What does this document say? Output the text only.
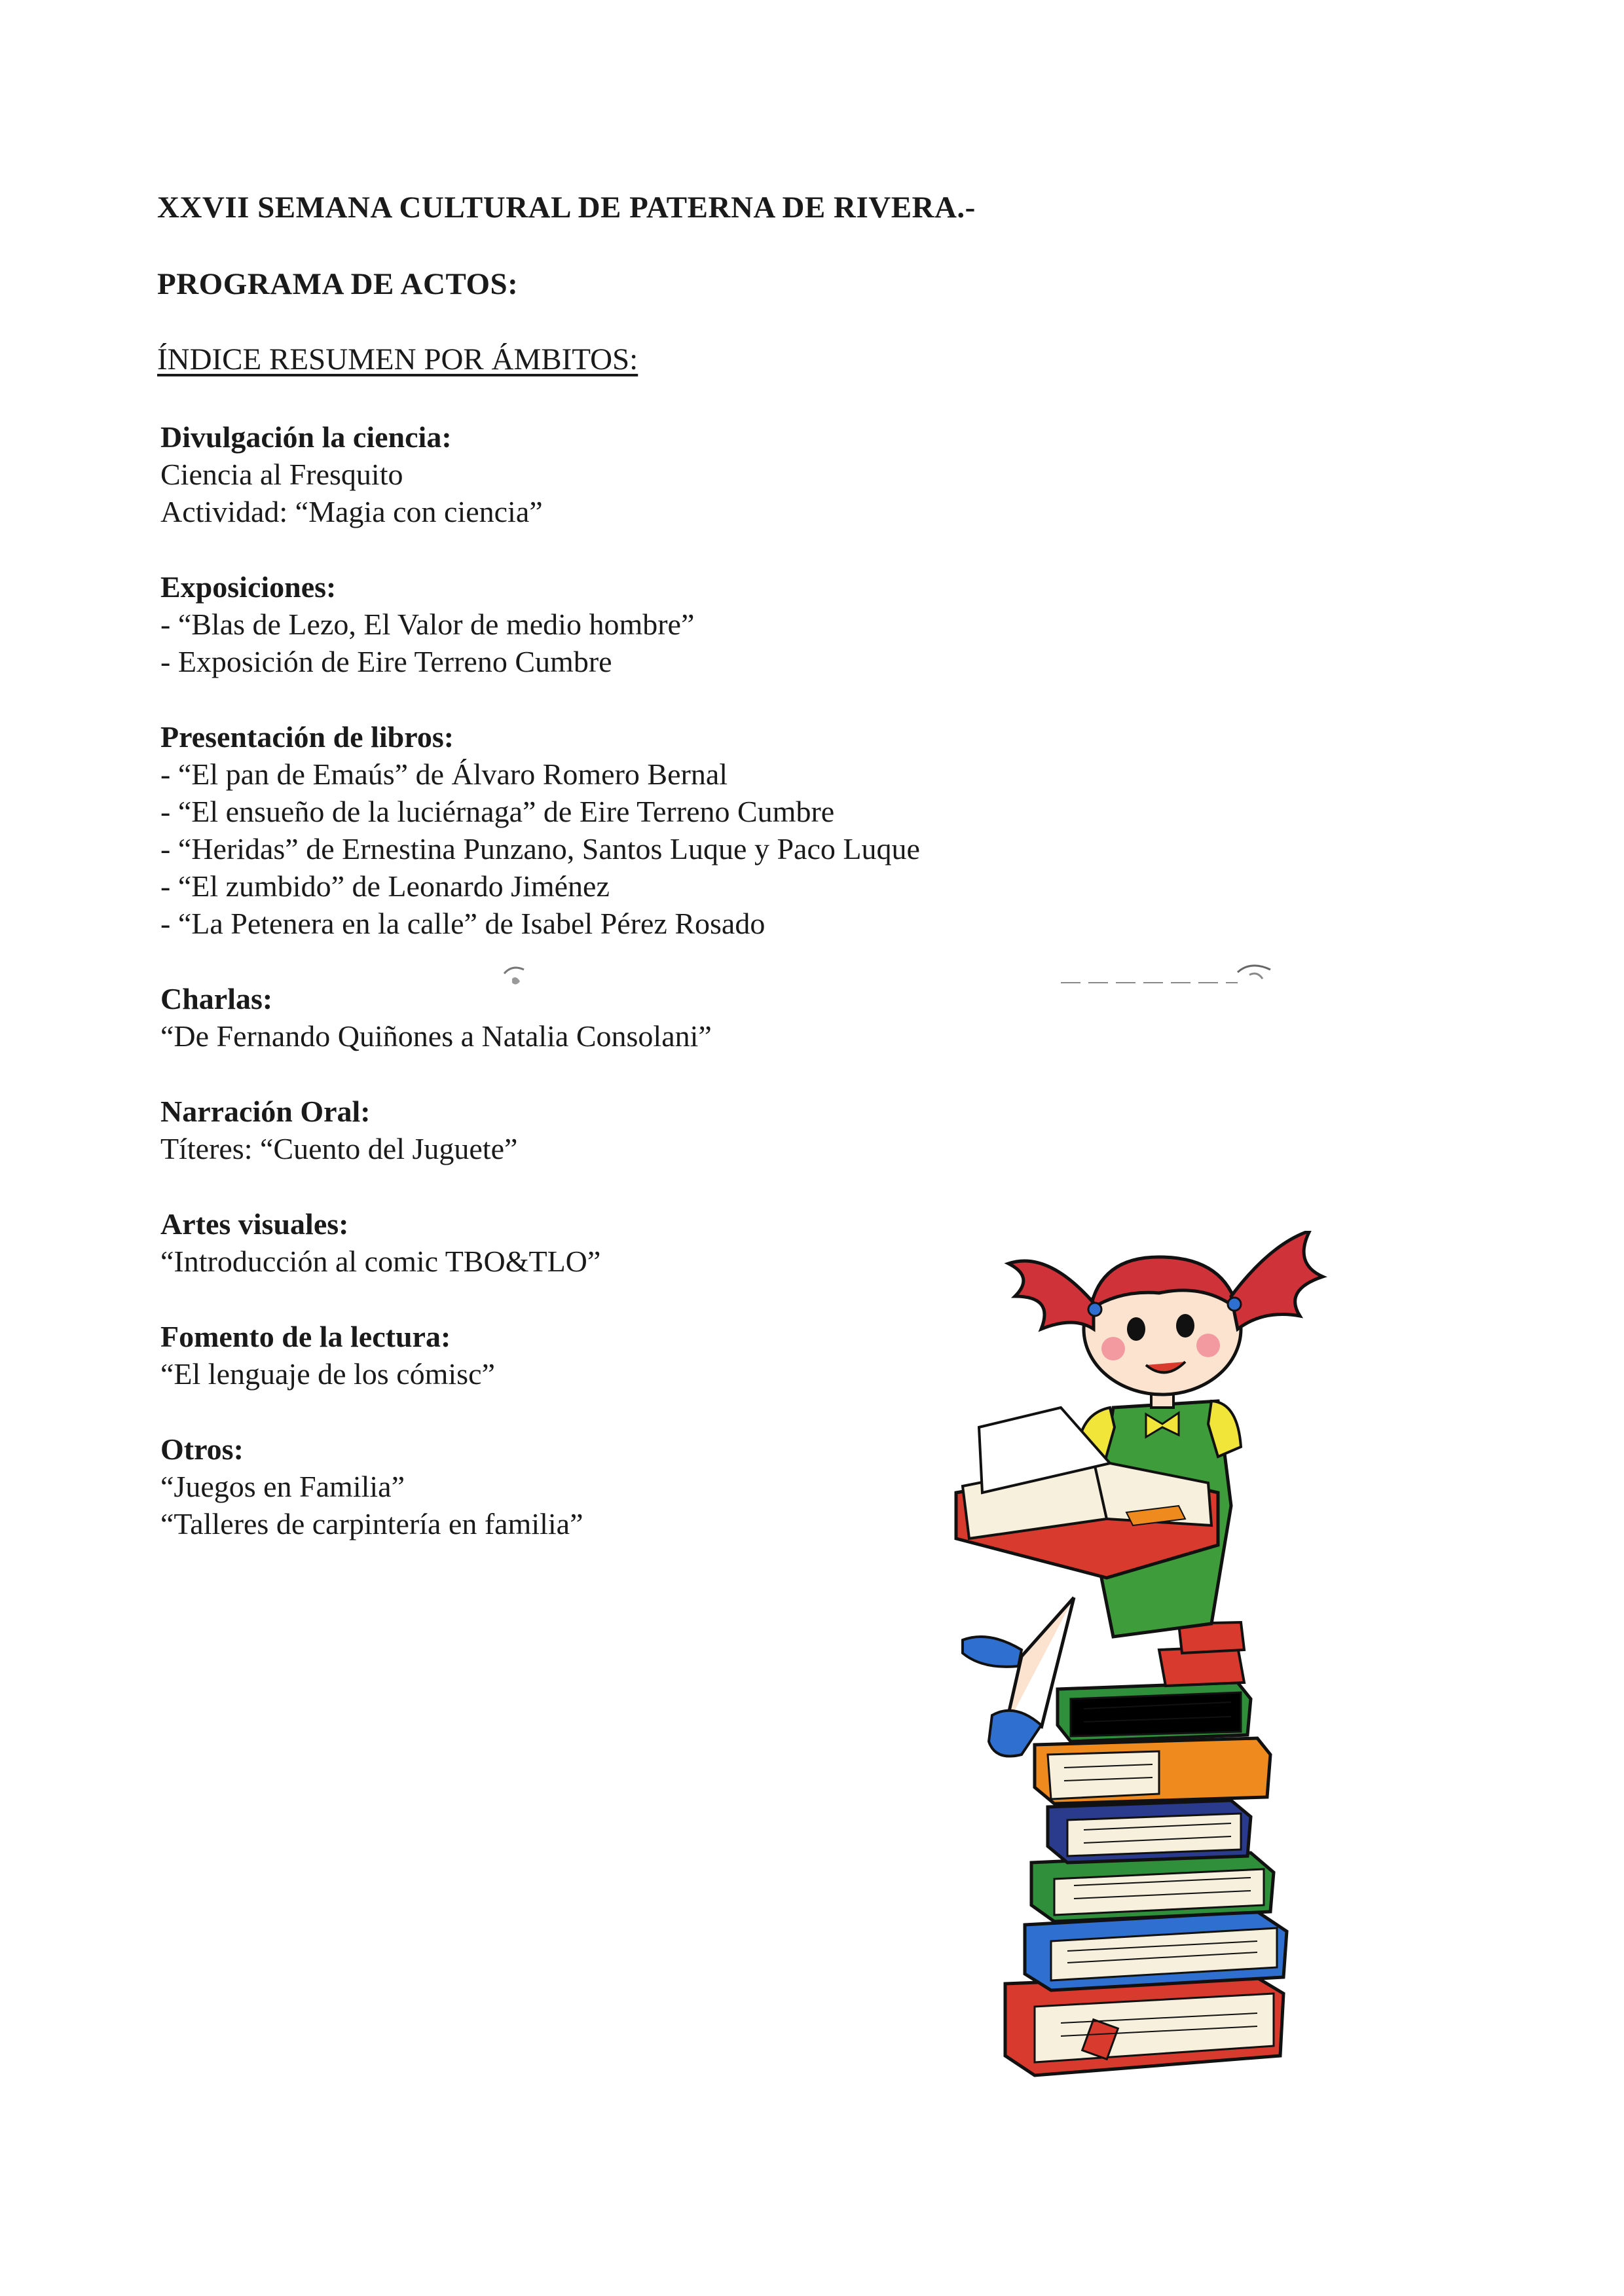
XXVII SEMANA CULTURAL DE PATERNA DE RIVERA.-
PROGRAMA DE ACTOS:
ÍNDICE RESUMEN POR ÁMBITOS:
Divulgación la ciencia:
Ciencia al Fresquito
Actividad: “Magia con ciencia”
Exposiciones:
- “Blas de Lezo, El Valor de medio hombre”
- Exposición de Eire Terreno Cumbre
Presentación de libros:
- “El pan de Emaús” de Álvaro Romero Bernal
- “El ensueño de la luciérnaga” de Eire Terreno Cumbre
- “Heridas” de Ernestina Punzano, Santos Luque y Paco Luque
- “El zumbido” de Leonardo Jiménez
- “La Petenera en la calle” de Isabel Pérez Rosado
Charlas:
“De Fernando Quiñones a Natalia Consolani”
Narración Oral:
Títeres: “Cuento del Juguete”
Artes visuales:
“Introducción al comic TBO&TLO”
Fomento de la lectura:
“El lenguaje de los cómisc”
Otros:
“Juegos en Familia”
“Talleres de carpintería en familia”
